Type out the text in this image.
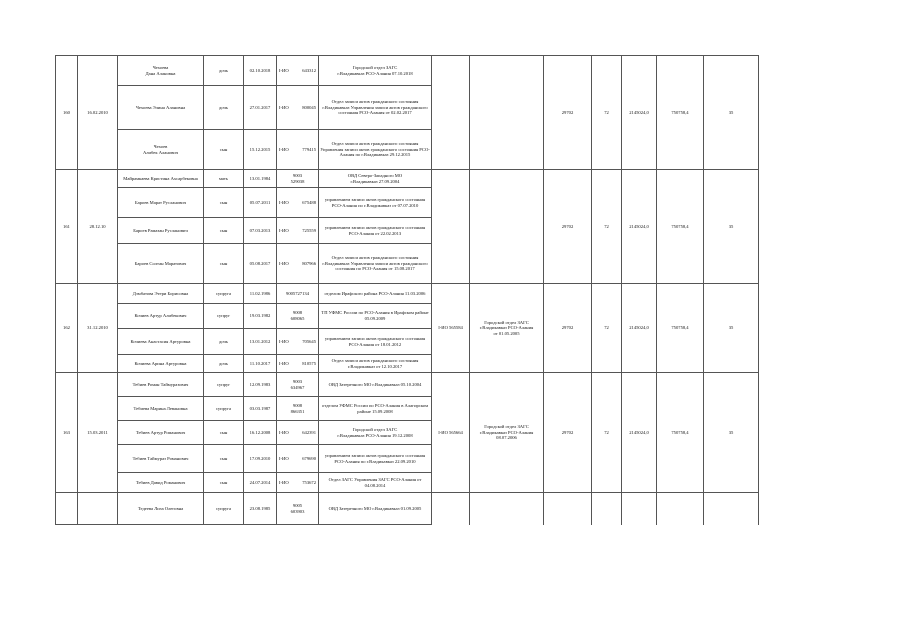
160	16.02.2010	Чехоева
Дана Алановна	дочь	02.10.2018	I-ИО 643312	Городской отдел ЗАГС
г.Владикавказ РСО-Алания 07.10.2018			29702	72	2145024,0	750758,4	35
		Чехоева Элина Алановна	дочь	27.01.2017	I-ИО 800045	Отдел записи актов гражданского состояния г.Владикавказ Управления записи актов гражданского состояния РСО-Алания от 02.02.2017							
		Чехоев
Алибек Аланович	сын	15.12.2015	I-ИО 779415	Отдел записи актов гражданского состояния Управления записи актов гражданского состояния РСО-Алания по г.Владикавказ 29.12.2015							
161	28.12.10	Майрамкаева Кристина Ахсарбековна	мать	13.01.1984	9003
529038	ОВД Северо-Западного МО
г.Владикавказ 27.09.2004			29702	72	2145024,0	750758,4	35
		Бароев Марат Русланович	сын	05.07.2011	I-ИО 675488	управлением записи актов гражданского состояния РСО-Алания по г.Владикавказ от 07.07.2010							
		Бароев Рамазан Русланович	сын	07.03.2013	I-ИО 725559	управлением записи актов гражданского состояния РСО-Алания от 22.02.2013							
		Бароев Солтан Маратович	сын	05.08.2017	I-ИО 807966	Отдел записи актов гражданского состояния г.Владикавказ Управления записи актов гражданского состояния по РСО-Алания от 15.08.2017							
162	31.12.2010	Дзмбатова Этери Борисовна	супруга	11.02.1986	9005727134	отделом Ирафского района РСО-Алания 11.03.2006	I-ИО 565584	Городской отдел ЗАГС
г.Владикавказ РСО-Алания
от 01.05.2005	29702	72	2145024,0	750758,4	35
		Кочиев Артур Алибекович	супруг	19.03.1982	9008
608065	ТП УФМС России по РСО-Алания в Ирафском районе 05.09.2009							
		Кочиева Анастасия Артуровна	дочь	13.01.2012	I-ИО 705645	управлением записи актов гражданского состояния РСО-Алания от 18.01.2012							
		Кочиева Арина Артуровна	дочь	11.10.2017	I-ИО 810575	Отдел записи актов гражданского состояния г.Владикавказ от 12.10.2017							
163	15.03.2011	Тебиев Роман Таймуразович	супруг	12.09.1983	9003
634967	ОВД Затеречного МО г.Владикавказ 05.10.2004	I-ИО 565664	Городской отдел ЗАГС
г.Владикавказ РСО-Алания
08.07.2006	29702	72	2145024,0	750758,4	35
		Тебиева Марина Левановна	супруга	03.03.1987	9008
866351	отделом УФМС России по РСО-Алания в Алагирском районе 15.09.2008							
		Тебиев Артур Романович	сын	16.12.2008	I-ИО 642391	Городской отдел ЗАГС
г.Владикавказ РСО-Алания 19.12.2008							
		Тебиев Таймураз Романович	сын	17.09.2010	I-ИО 679690	управлением записи актов гражданского состояния РСО-Алания по г.Владикавказ 22.09.2010							
		Тебиев Давид Романович	сын	24.07.2014	I-ИО 753672	Отдел ЗАГС Управления ЗАГС РСО-Алания от 04.08.2014							
		Тедеева Лиза Олеговна	супруга	23.08.1985	9005
603903	ОВД Затеречного МО г.Владикавказ 01.09.2005							
